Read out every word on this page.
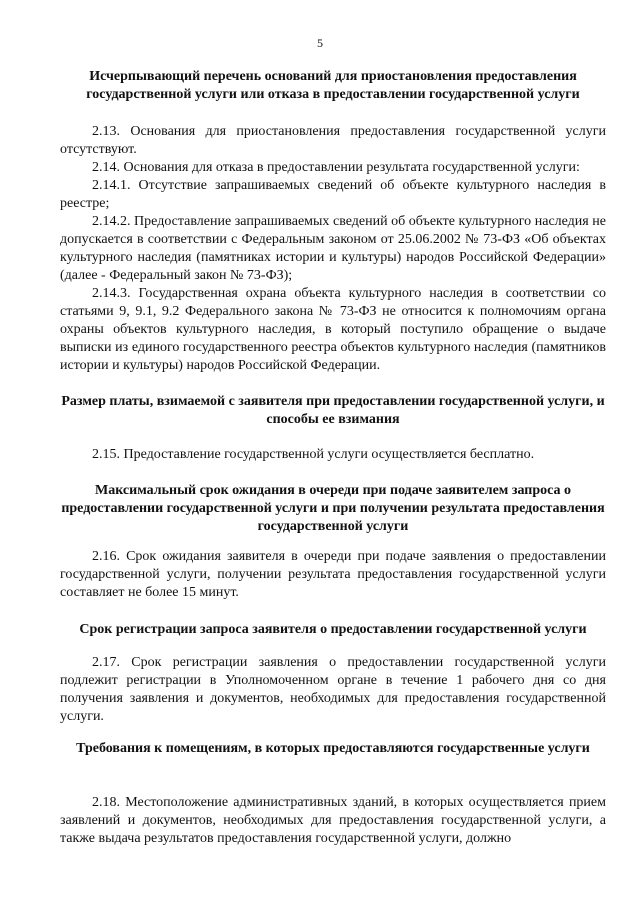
5

Исчерпывающий перечень оснований для приостановления предоставления государственной услуги или отказа в предоставлении государственной услуги

2.13. Основания для приостановления предоставления государственной услуги отсутствуют.

2.14. Основания для отказа в предоставлении результата государственной услуги:

2.14.1. Отсутствие запрашиваемых сведений об объекте культурного наследия в реестре;

2.14.2. Предоставление запрашиваемых сведений об объекте культурного наследия не допускается в соответствии с Федеральным законом от 25.06.2002 № 73-ФЗ «Об объектах культурного наследия (памятниках истории и культуры) народов Российской Федерации» (далее - Федеральный закон № 73-ФЗ);

2.14.3. Государственная охрана объекта культурного наследия в соответствии со статьями 9, 9.1, 9.2 Федерального закона № 73-ФЗ не относится к полномочиям органа охраны объектов культурного наследия, в который поступило обращение о выдаче выписки из единого государственного реестра объектов культурного наследия (памятников истории и культуры) народов Российской Федерации.

Размер платы, взимаемой с заявителя при предоставлении государственной услуги, и способы ее взимания

2.15. Предоставление государственной услуги осуществляется бесплатно.

Максимальный срок ожидания в очереди при подаче заявителем запроса о предоставлении государственной услуги и при получении результата предоставления государственной услуги

2.16. Срок ожидания заявителя в очереди при подаче заявления о предоставлении государственной услуги, получении результата предоставления государственной услуги составляет не более 15 минут.

Срок регистрации запроса заявителя о предоставлении государственной услуги

2.17. Срок регистрации заявления о предоставлении государственной услуги подлежит регистрации в Уполномоченном органе в течение 1 рабочего дня со дня получения заявления и документов, необходимых для предоставления государственной услуги.

Требования к помещениям, в которых предоставляются государственные услуги

2.18. Местоположение административных зданий, в которых осуществляется прием заявлений и документов, необходимых для предоставления государственной услуги, а также выдача результатов предоставления государственной услуги, должно
